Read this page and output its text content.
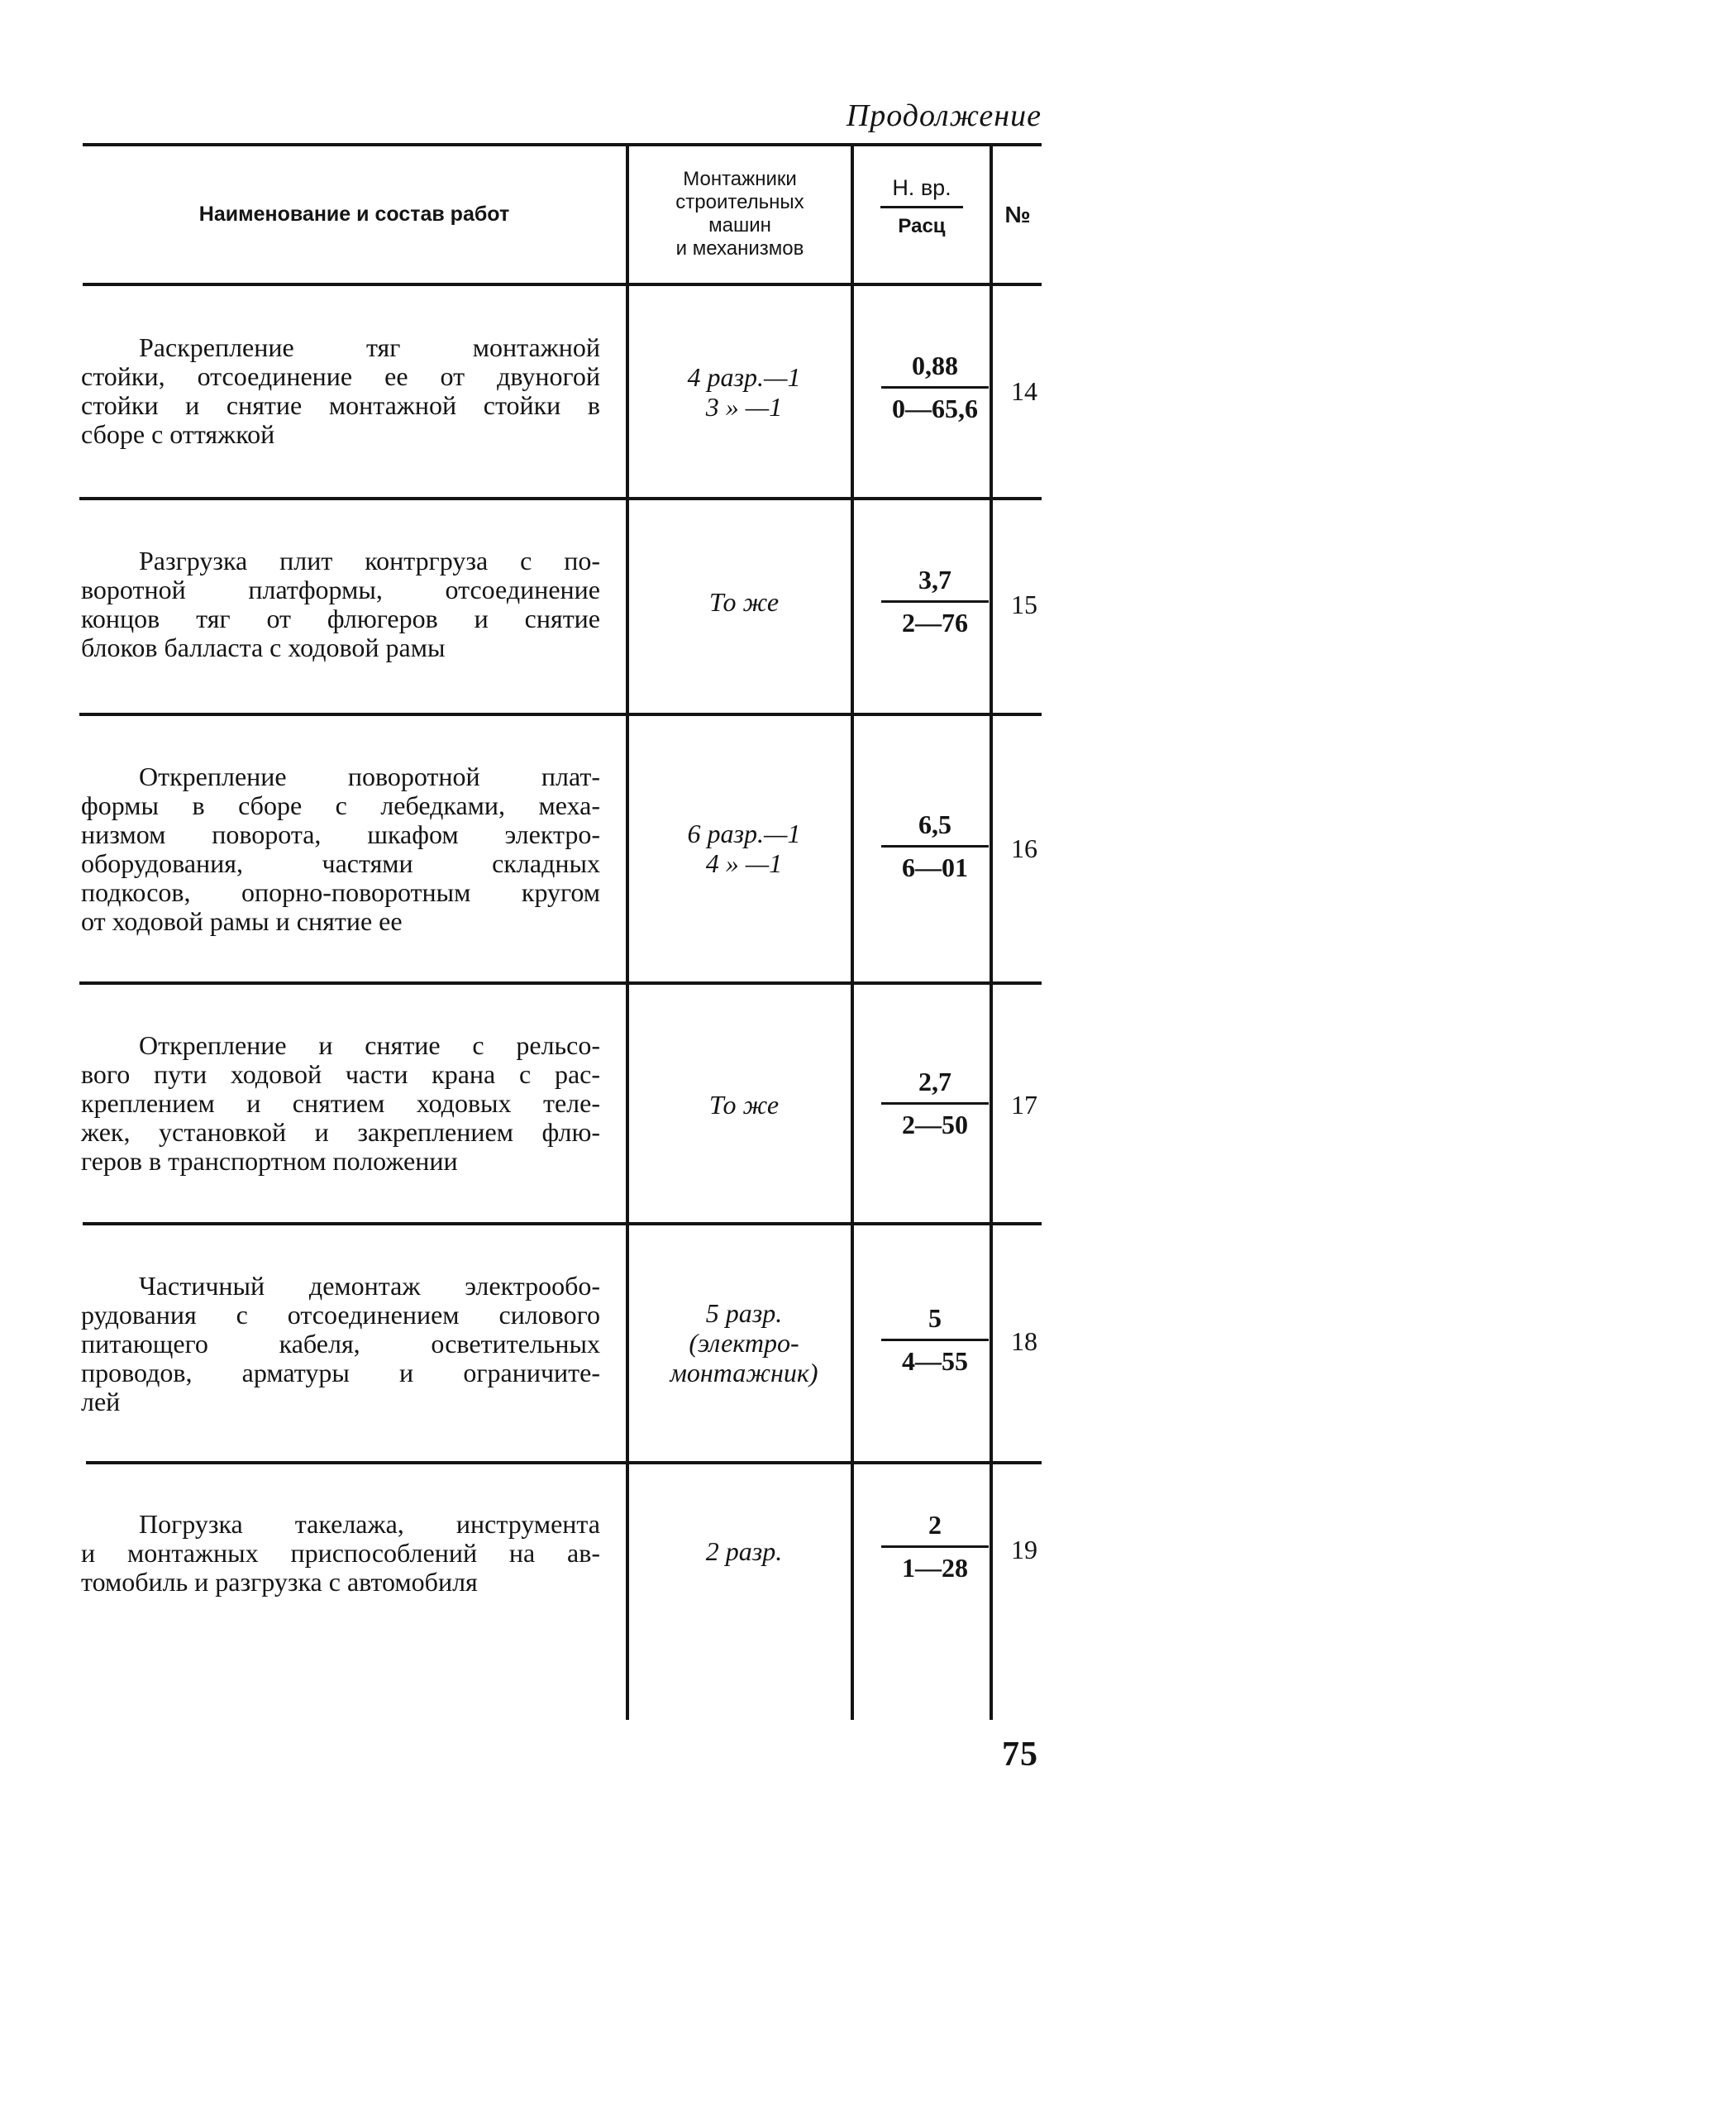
Продолжение
Наименование и состав работ
Монтажники
строительных
машин
и механизмов
Н. вр.
Расц	№
Раскрепление тяг монтажной
стойки, отсоединение ее от двуногой
стойки и снятие монтажной стойки в
сборе с оттяжкой
4 разр.—1
3 » —1
0,88
0—65,6
14
Разгрузка плит контргруза с по-
воротной платформы, отсоединение
концов тяг от флюгеров и снятие
блоков балласта с ходовой рамы
То же
3,7
2—76
15
Открепление поворотной плат-
формы в сборе с лебедками, меха-
низмом поворота, шкафом электро-
оборудования, частями складных
подкосов, опорно-поворотным кругом
от ходовой рамы и снятие ее
6 разр.—1
4 » —1
6,5
6—01
16
Открепление и снятие с рельсо-
вого пути ходовой части крана с рас-
креплением и снятием ходовых теле-
жек, установкой и закреплением флю-
геров в транспортном положении
То же
2,7
2—50
17
Частичный демонтаж электрообо-
рудования с отсоединением силового
питающего кабеля, осветительных
проводов, арматуры и ограничите-
лей
5 разр.
(электро-
монтажник)
5
4—55
18
Погрузка такелажа, инструмента
и монтажных приспособлений на ав-
томобиль и разгрузка с автомобиля
2 разр.
2
1—28
19
75
